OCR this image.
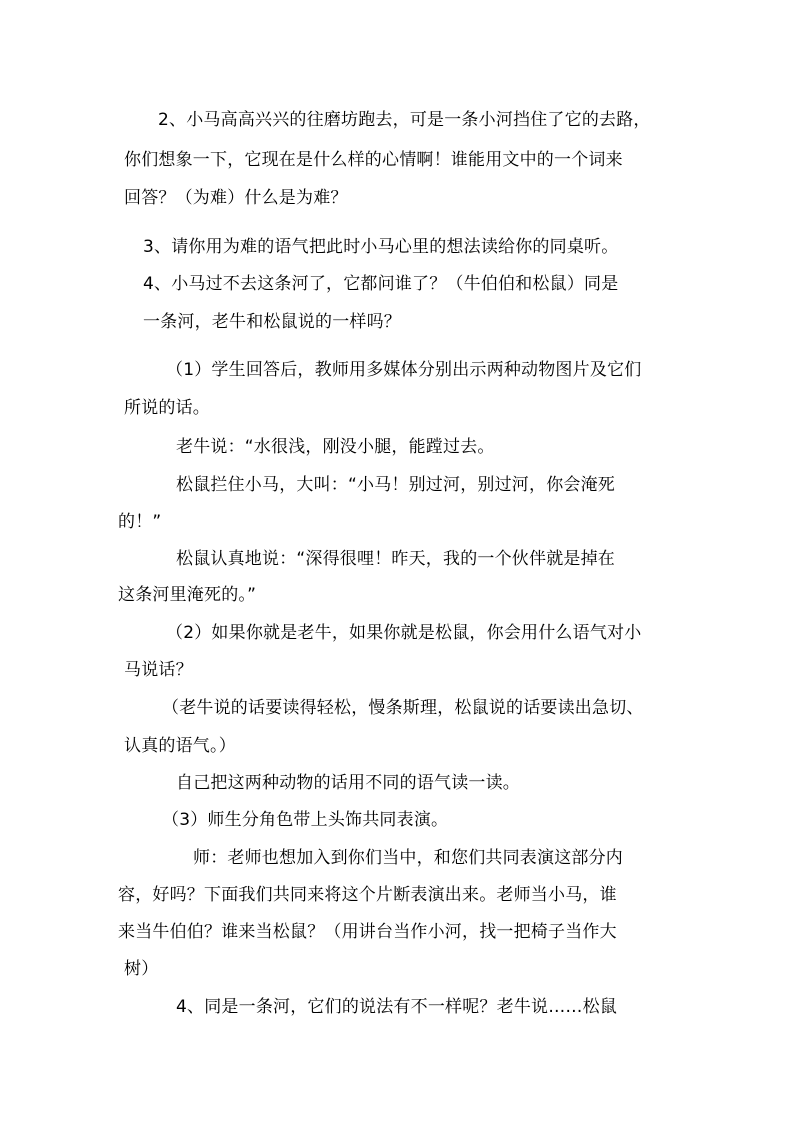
2、小马高高兴兴的往磨坊跑去，可是一条小河挡住了它的去路，
你们想象一下，它现在是什么样的心情啊！谁能用文中的一个词来
回答？（为难）什么是为难？
3、请你用为难的语气把此时小马心里的想法读给你的同桌听。
4、小马过不去这条河了，它都问谁了？（牛伯伯和松鼠）同是
一条河，老牛和松鼠说的一样吗？
（1）学生回答后，教师用多媒体分别出示两种动物图片及它们
所说的话。
老牛说：“水很浅，刚没小腿，能蹚过去。
松鼠拦住小马，大叫：“小马！别过河，别过河，你会淹死
的！”
松鼠认真地说：“深得很哩！昨天，我的一个伙伴就是掉在
这条河里淹死的。”
（2）如果你就是老牛，如果你就是松鼠，你会用什么语气对小
马说话？
（老牛说的话要读得轻松，慢条斯理，松鼠说的话要读出急切、
认真的语气。）
自己把这两种动物的话用不同的语气读一读。
（3）师生分角色带上头饰共同表演。
师：老师也想加入到你们当中，和您们共同表演这部分内
容，好吗？下面我们共同来将这个片断表演出来。老师当小马，谁
来当牛伯伯？谁来当松鼠？（用讲台当作小河，找一把椅子当作大
树）
4、同是一条河，它们的说法有不一样呢？老牛说……松鼠
